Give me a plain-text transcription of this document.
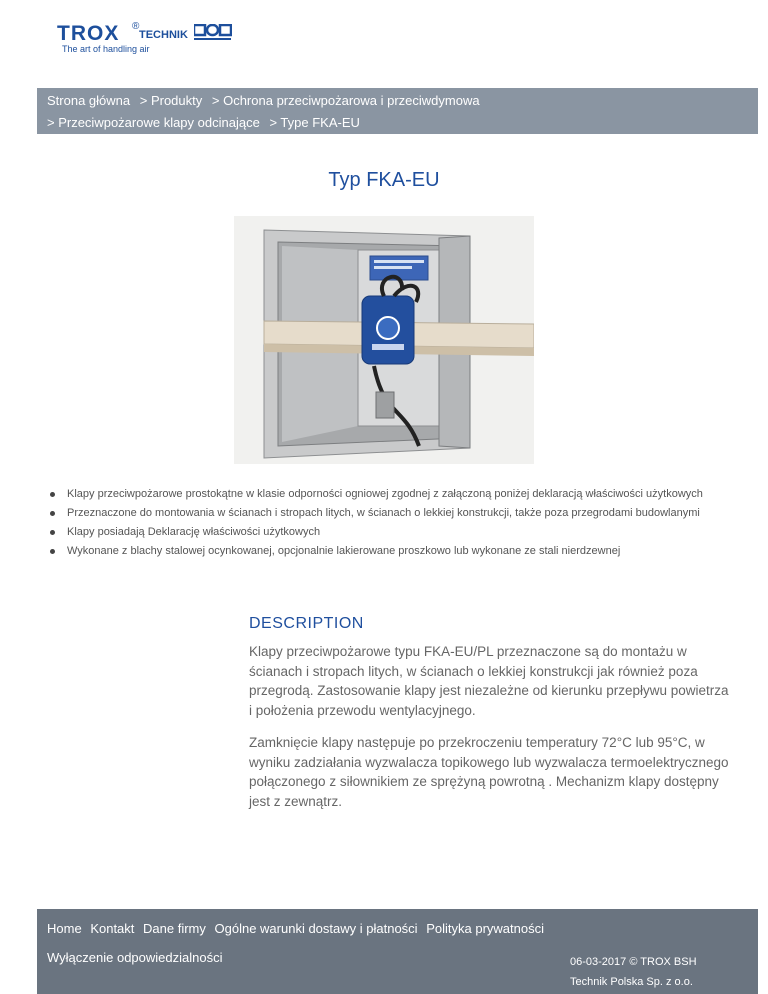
TROX ®
TECHNIK
The art of handling air
Strona główna > Produkty > Ochrona przeciwpożarowa i przeciwdymowa
> Przeciwpożarowe klapy odcinające > Type FKA-EU
Typ FKA-EU
Klapy przeciwpożarowe prostokątne w klasie odporności ogniowej zgodnej z załączoną poniżej deklaracją właściwości użytkowych
Przeznaczone do montowania w ścianach i stropach litych, w ścianach o lekkiej konstrukcji, także poza przegrodami budowlanymi
Klapy posiadają Deklarację właściwości użytkowych
Wykonane z blachy stalowej ocynkowanej, opcjonalnie lakierowane proszkowo lub wykonane ze stali nierdzewnej
DESCRIPTION

Klapy przeciwpożarowe typu FKA-EU/PL przeznaczone są do montażu w ścianach i stropach litych, w ścianach o lekkiej konstrukcji jak również poza przegrodą. Zastosowanie klapy jest niezależne od kierunku przepływu powietrza i położenia przewodu wentylacyjnego.

Zamknięcie klapy następuje po przekroczeniu temperatury 72°C lub 95°C, w wyniku zadziałania wyzwalacza topikowego lub wyzwalacza termoelektrycznego połączonego z siłownikiem ze sprężyną powrotną . Mechanizm klapy dostępny jest z zewnątrz.

Home Kontakt Dane firmy Ogólne warunki dostawy i płatności Polityka prywatności
Wyłączenie odpowiedzialności	06-03-2017 © TROX BSH
Technik Polska Sp. z o.o.
